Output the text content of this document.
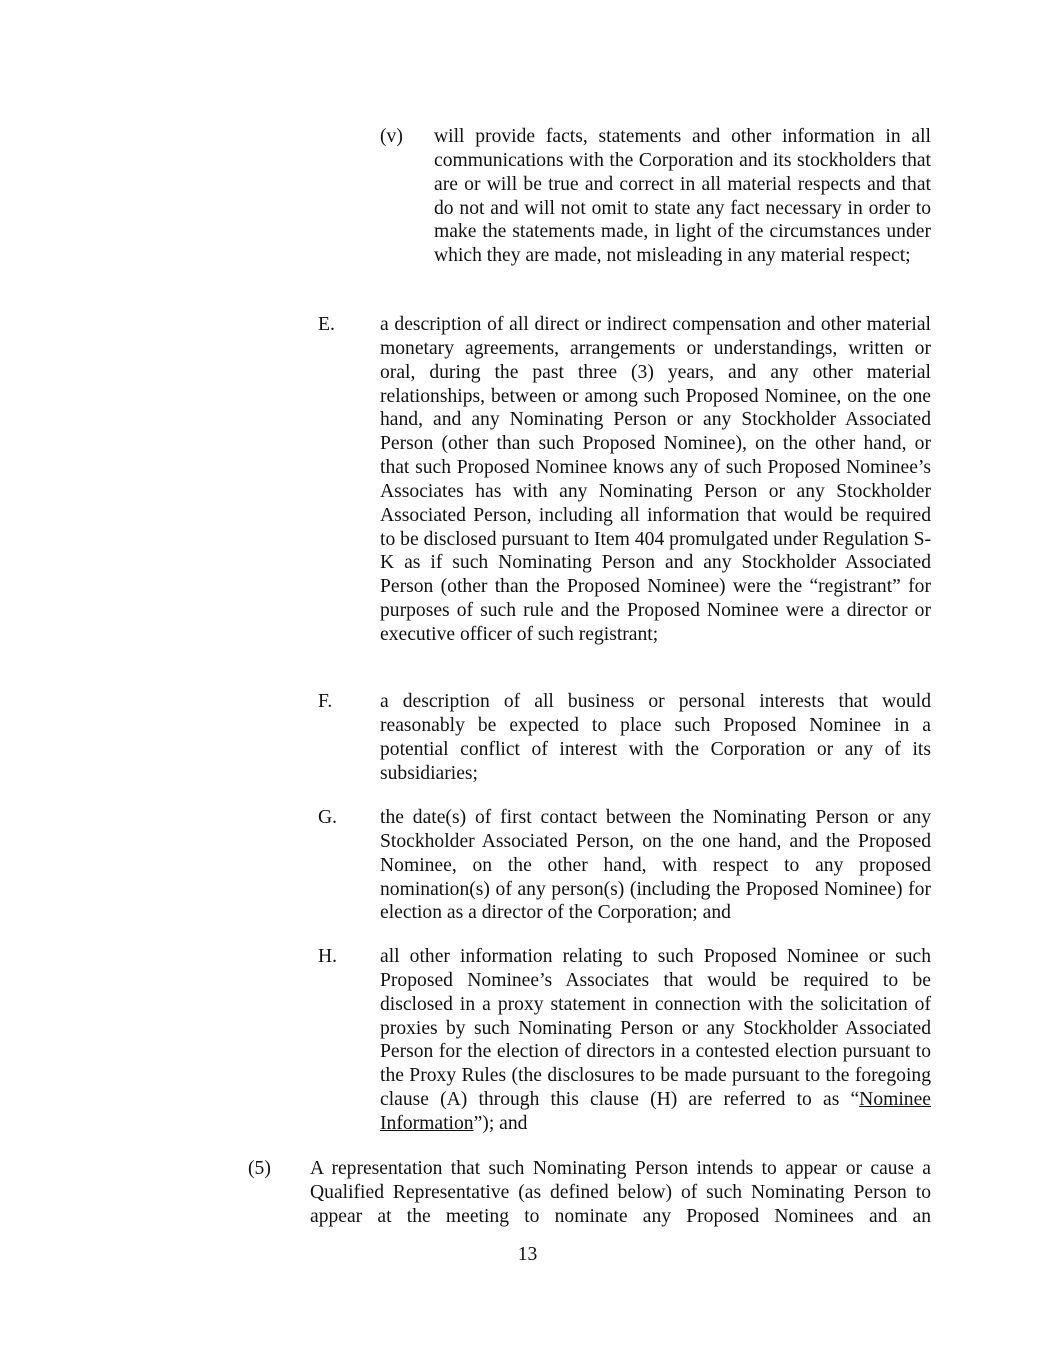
(v) will provide facts, statements and other information in all communications with the Corporation and its stockholders that are or will be true and correct in all material respects and that do not and will not omit to state any fact necessary in order to make the statements made, in light of the circumstances under which they are made, not misleading in any material respect;
E. a description of all direct or indirect compensation and other material monetary agreements, arrangements or understandings, written or oral, during the past three (3) years, and any other material relationships, between or among such Proposed Nominee, on the one hand, and any Nominating Person or any Stockholder Associated Person (other than such Proposed Nominee), on the other hand, or that such Proposed Nominee knows any of such Proposed Nominee’s Associates has with any Nominating Person or any Stockholder Associated Person, including all information that would be required to be disclosed pursuant to Item 404 promulgated under Regulation S-K as if such Nominating Person and any Stockholder Associated Person (other than the Proposed Nominee) were the “registrant” for purposes of such rule and the Proposed Nominee were a director or executive officer of such registrant;
F. a description of all business or personal interests that would reasonably be expected to place such Proposed Nominee in a potential conflict of interest with the Corporation or any of its subsidiaries;
G. the date(s) of first contact between the Nominating Person or any Stockholder Associated Person, on the one hand, and the Proposed Nominee, on the other hand, with respect to any proposed nomination(s) of any person(s) (including the Proposed Nominee) for election as a director of the Corporation; and
H. all other information relating to such Proposed Nominee or such Proposed Nominee’s Associates that would be required to be disclosed in a proxy statement in connection with the solicitation of proxies by such Nominating Person or any Stockholder Associated Person for the election of directors in a contested election pursuant to the Proxy Rules (the disclosures to be made pursuant to the foregoing clause (A) through this clause (H) are referred to as “Nominee Information”); and
(5) A representation that such Nominating Person intends to appear or cause a Qualified Representative (as defined below) of such Nominating Person to appear at the meeting to nominate any Proposed Nominees and an
13
